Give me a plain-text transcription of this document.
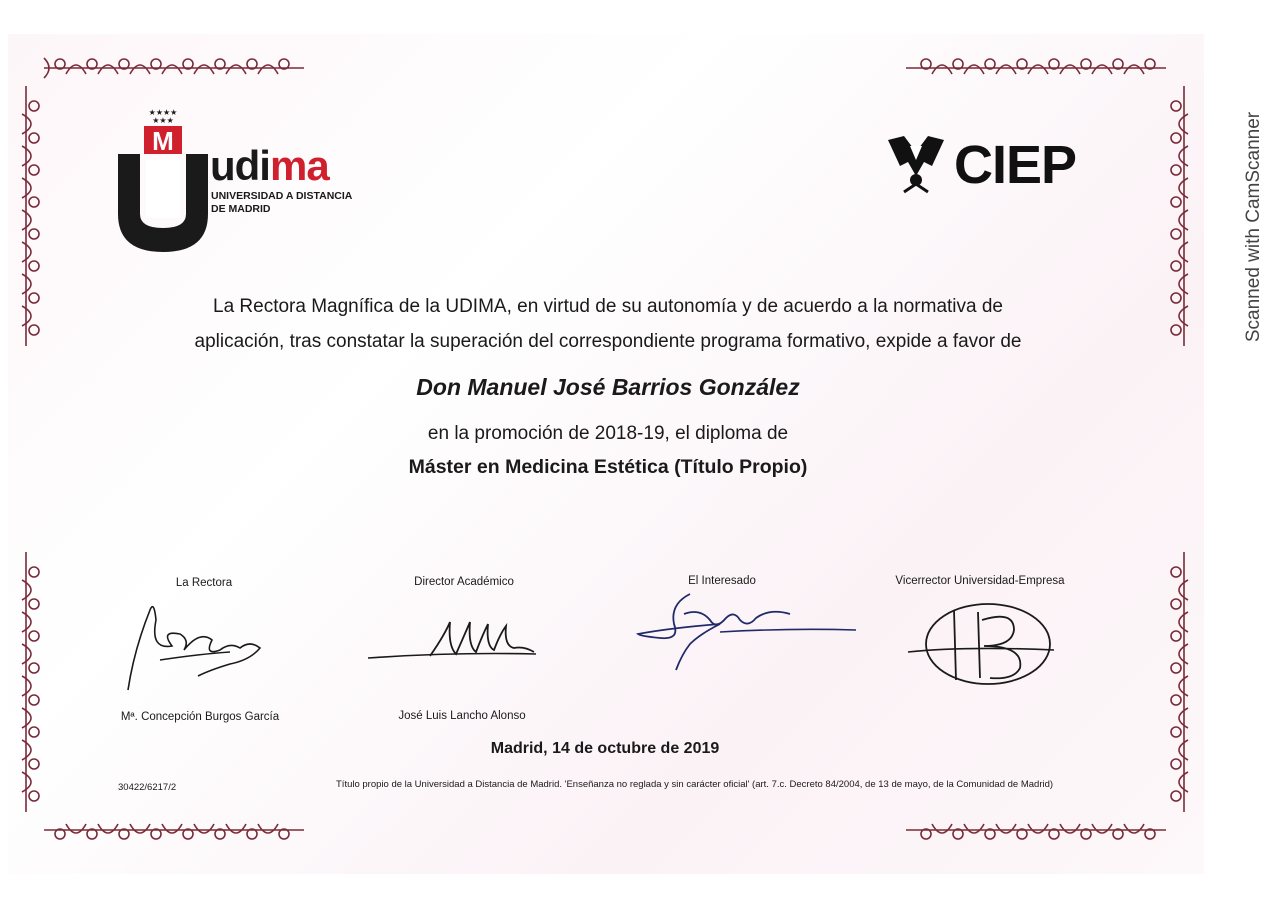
★★★★
★★★
M
udima
UNIVERSIDAD A DISTANCIA
DE MADRID
CIEP
La Rectora Magnífica de la UDIMA, en virtud de su autonomía y de acuerdo a la normativa de
aplicación, tras constatar la superación del correspondiente programa formativo, expide a favor de
Don Manuel José Barrios González
en la promoción de 2018-19, el diploma de
Máster en Medicina Estética (Título Propio)
La Rectora	Director Académico	El Interesado	Vicerrector Universidad-Empresa
Mª. Concepción Burgos García	José Luis Lancho Alonso
Madrid, 14 de octubre de 2019
30422/6217/2	Título propio de la Universidad a Distancia de Madrid. 'Enseñanza no reglada y sin carácter oficial' (art. 7.c. Decreto 84/2004, de 13 de mayo, de la Comunidad de Madrid)
Scanned with CamScanner
